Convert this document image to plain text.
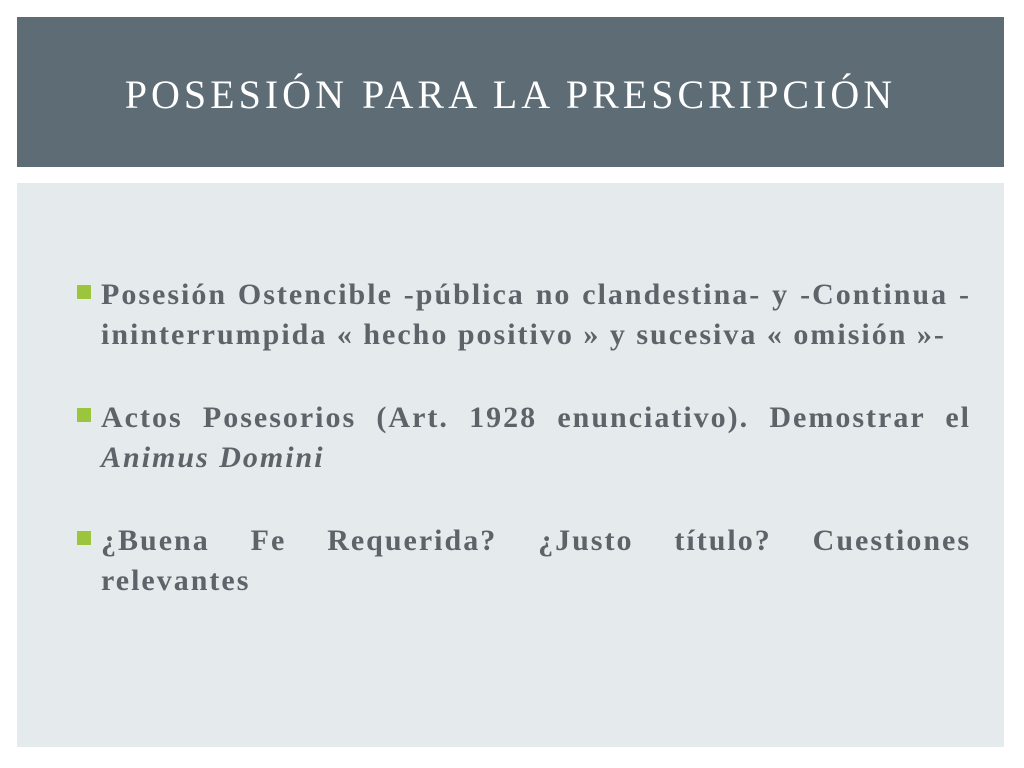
POSESIÓN PARA LA PRESCRIPCIÓN
Posesión Ostencible -pública no clandestina- y -Continua -ininterrumpida « hecho positivo » y sucesiva « omisión »-
Actos Posesorios (Art. 1928 enunciativo). Demostrar el Animus Domini
¿Buena Fe Requerida? ¿Justo título? Cuestiones relevantes
